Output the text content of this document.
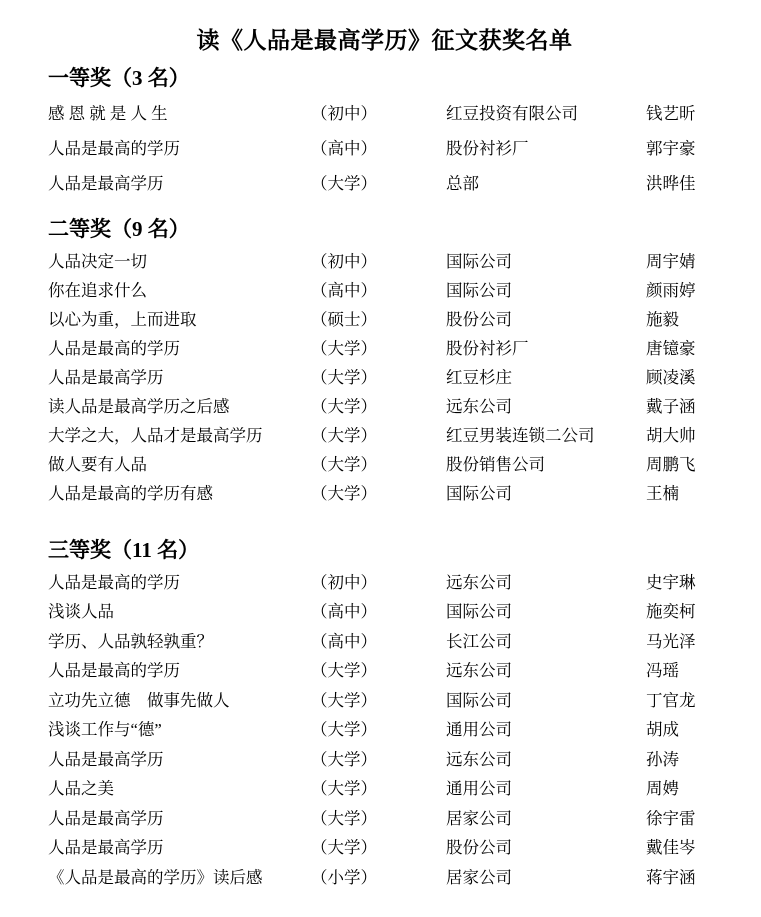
读《人品是最高学历》征文获奖名单
一等奖（3 名）
感 恩 就 是 人 生	（初中）	红豆投资有限公司	钱艺昕
人品是最高的学历	（高中）	股份衬衫厂	郭宇豪
人品是最高学历	（大学）	总部	洪晔佳
二等奖（9 名）
人品决定一切	（初中）	国际公司	周宇婧
你在追求什么	（高中）	国际公司	颜雨婷
以心为重，上而进取	（硕士）	股份公司	施毅
人品是最高的学历	（大学）	股份衬衫厂	唐镱豪
人品是最高学历	（大学）	红豆杉庄	顾凌溪
读人品是最高学历之后感	（大学）	远东公司	戴子涵
大学之大，人品才是最高学历	（大学）	红豆男装连锁二公司	胡大帅
做人要有人品	（大学）	股份销售公司	周鹏飞
人品是最高的学历有感	（大学）	国际公司	王楠
三等奖（11 名）
人品是最高的学历	（初中）	远东公司	史宇琳
浅谈人品	（高中）	国际公司	施奕柯
学历、人品孰轻孰重？	（高中）	长江公司	马光泽
人品是最高的学历	（大学）	远东公司	冯瑶
立功先立德　做事先做人	（大学）	国际公司	丁官龙
浅谈工作与“德”	（大学）	通用公司	胡成
人品是最高学历	（大学）	远东公司	孙涛
人品之美	（大学）	通用公司	周娉
人品是最高学历	（大学）	居家公司	徐宇雷
人品是最高学历	（大学）	股份公司	戴佳岑
《人品是最高的学历》读后感	（小学）	居家公司	蒋宇涵
